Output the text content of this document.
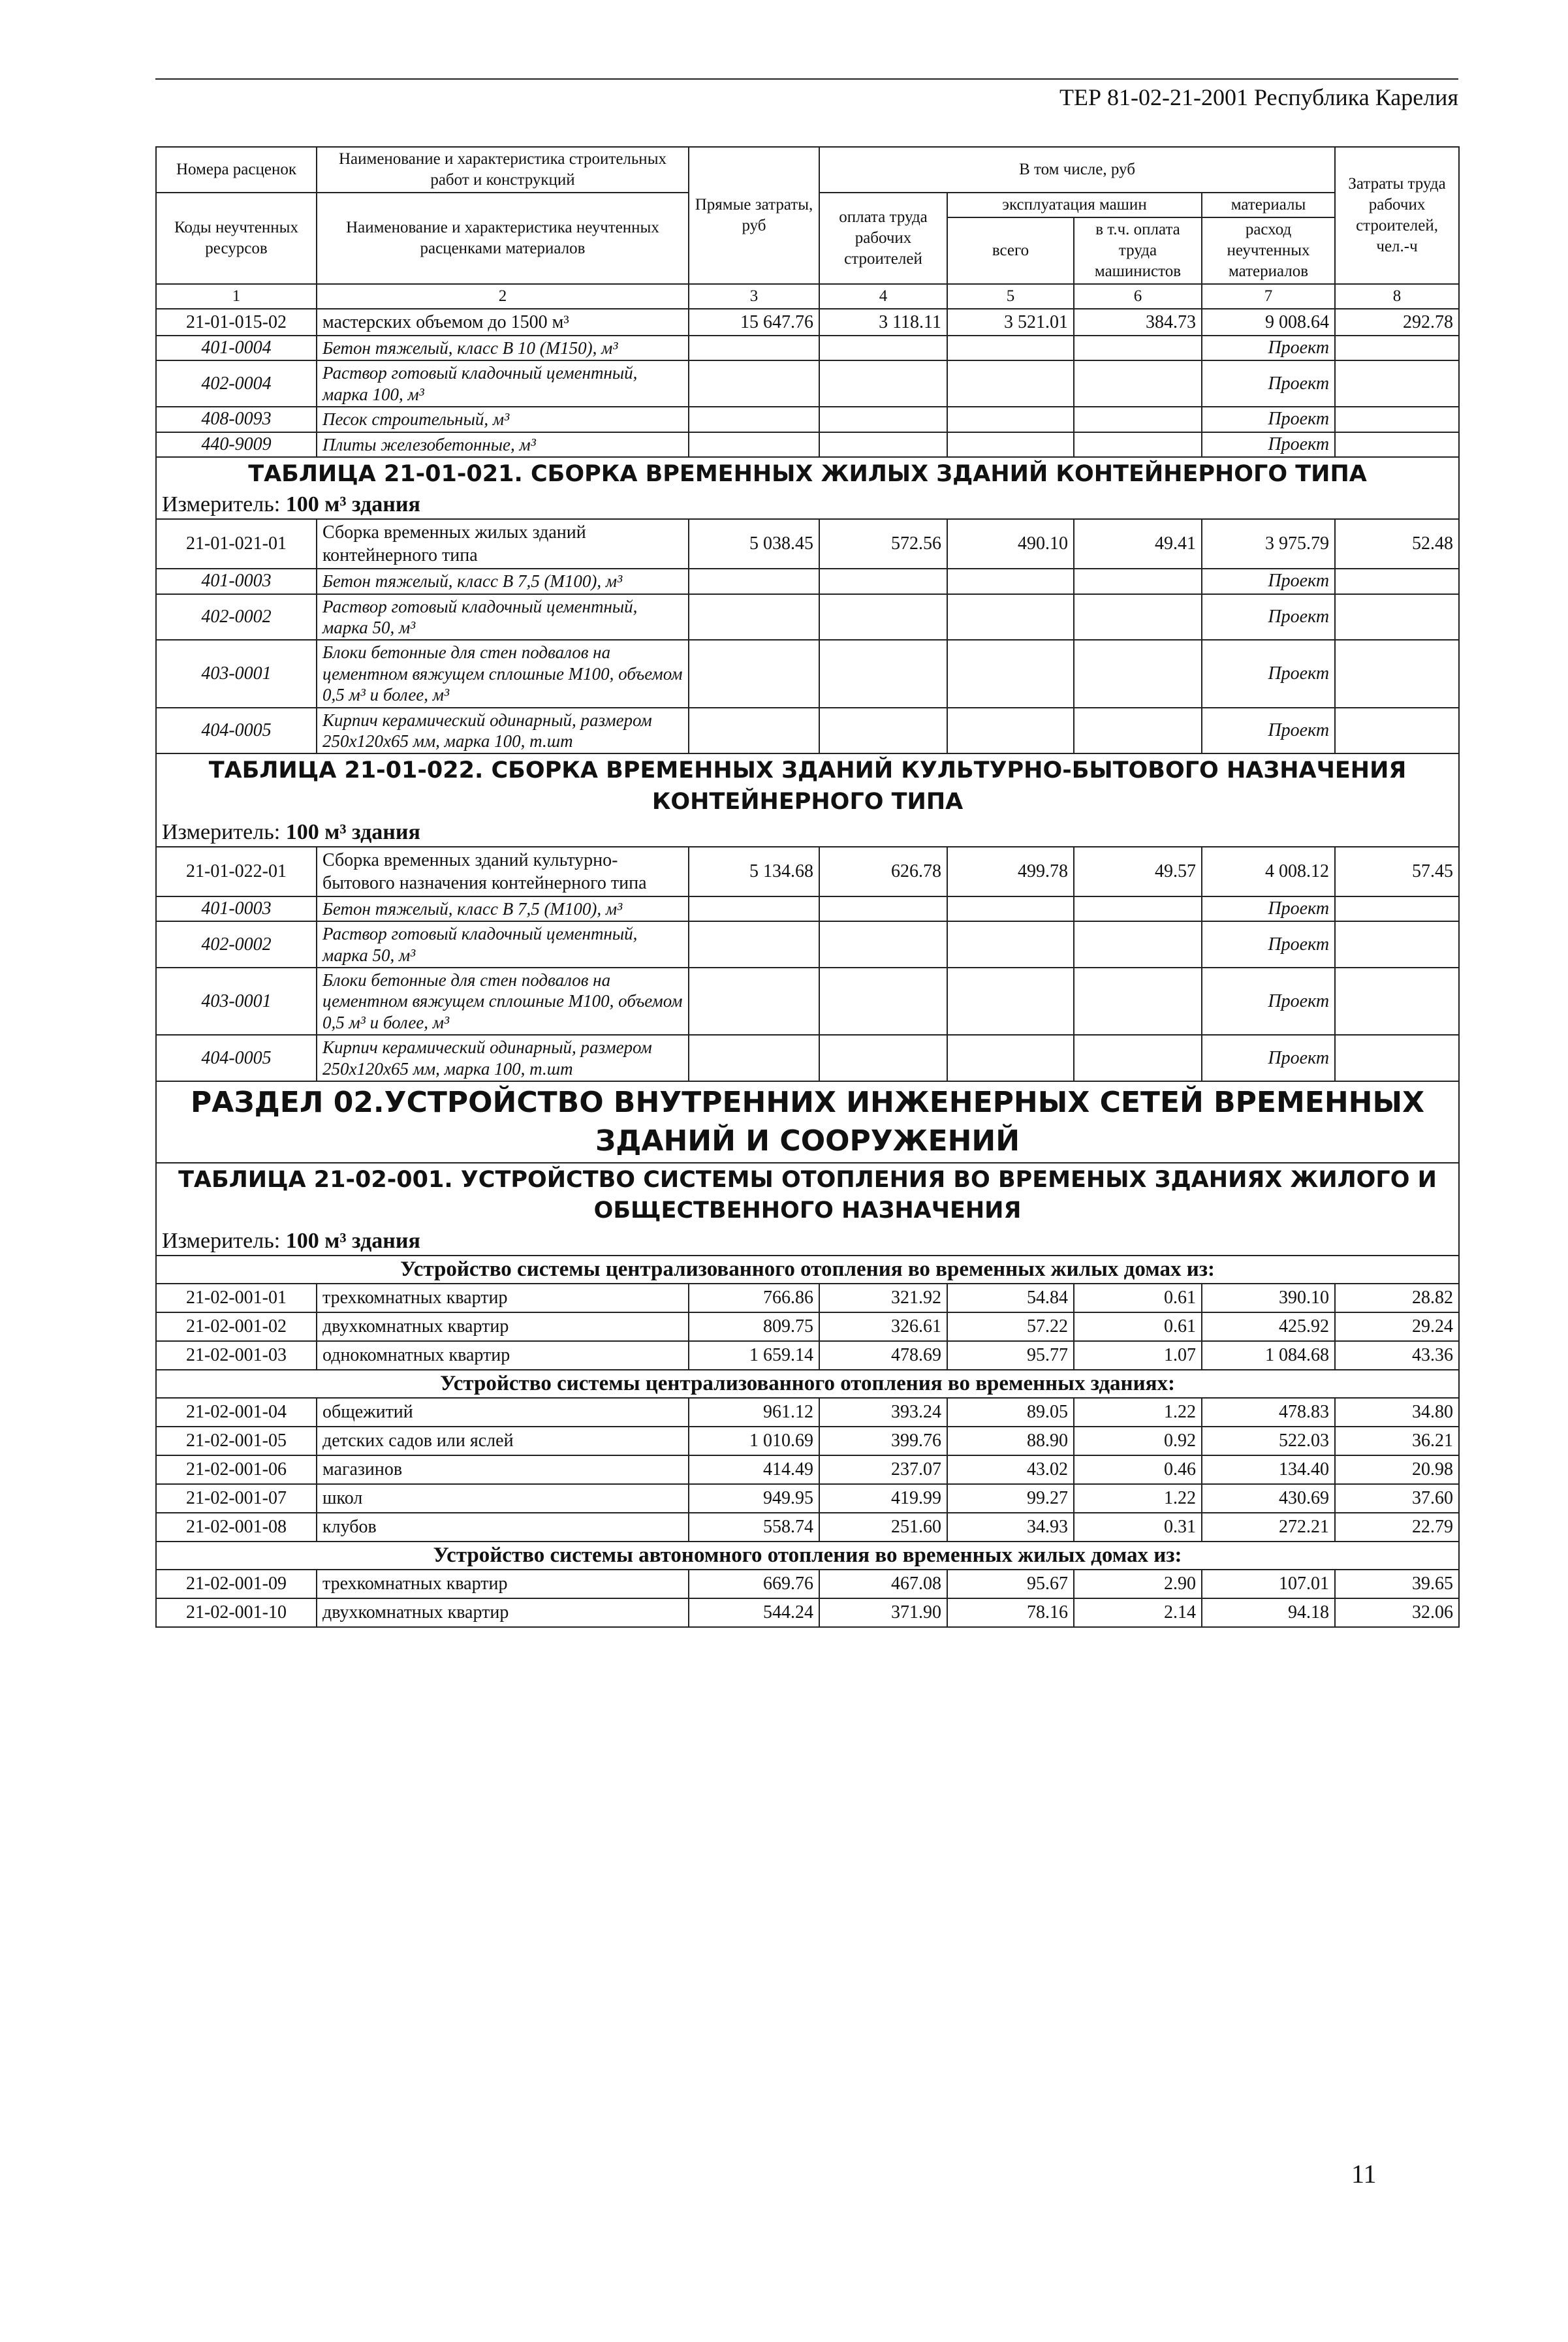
ТЕР 81-02-21-2001 Республика Карелия
Номера расценок	Наименование и характеристика строительных работ и конструкций	Прямые затраты, руб	В том числе, руб				Затраты труда рабочих строителей, чел.-ч
Коды неучтенных ресурсов	Наименование и характеристика неучтенных расценками материалов		оплата труда рабочих строителей	эксплуатация машин		материалы	
				всего	в т.ч. оплата труда машинистов	расход неучтенных материалов	
1	2	3	4	5	6	7	8
21-01-015-02	мастерских объемом до 1500 м³	15 647.76	3 118.11	3 521.01	384.73	9 008.64	292.78
401-0004	Бетон тяжелый, класс В 10 (М150), м³					Проект	
402-0004	Раствор готовый кладочный цементный, марка 100, м³					Проект	
408-0093	Песок строительный, м³					Проект	
440-9009	Плиты железобетонные, м³					Проект	
ТАБЛИЦА 21-01-021. СБОРКА ВРЕМЕННЫХ ЖИЛЫХ ЗДАНИЙ КОНТЕЙНЕРНОГО ТИПА							
Измеритель: 100 м³ здания							
21-01-021-01	Сборка временных жилых зданий контейнерного типа	5 038.45	572.56	490.10	49.41	3 975.79	52.48
401-0003	Бетон тяжелый, класс В 7,5 (М100), м³					Проект	
402-0002	Раствор готовый кладочный цементный, марка 50, м³					Проект	
403-0001	Блоки бетонные для стен подвалов на цементном вяжущем сплошные М100, объемом 0,5 м³ и более, м³					Проект	
404-0005	Кирпич керамический одинарный, размером 250х120х65 мм, марка 100, т.шт					Проект	
ТАБЛИЦА 21-01-022. СБОРКА ВРЕМЕННЫХ ЗДАНИЙ КУЛЬТУРНО-БЫТОВОГО НАЗНАЧЕНИЯ КОНТЕЙНЕРНОГО ТИПА							
Измеритель: 100 м³ здания							
21-01-022-01	Сборка временных зданий культурно-бытового назначения контейнерного типа	5 134.68	626.78	499.78	49.57	4 008.12	57.45
401-0003	Бетон тяжелый, класс В 7,5 (М100), м³					Проект	
402-0002	Раствор готовый кладочный цементный, марка 50, м³					Проект	
403-0001	Блоки бетонные для стен подвалов на цементном вяжущем сплошные М100, объемом 0,5 м³ и более, м³					Проект	
404-0005	Кирпич керамический одинарный, размером 250х120х65 мм, марка 100, т.шт					Проект	
РАЗДЕЛ 02.УСТРОЙСТВО ВНУТРЕННИХ ИНЖЕНЕРНЫХ СЕТЕЙ ВРЕМЕННЫХ ЗДАНИЙ И СООРУЖЕНИЙ							
ТАБЛИЦА 21-02-001. УСТРОЙСТВО СИСТЕМЫ ОТОПЛЕНИЯ ВО ВРЕМЕНЫХ ЗДАНИЯХ ЖИЛОГО И ОБЩЕСТВЕННОГО НАЗНАЧЕНИЯ							
Измеритель: 100 м³ здания							
Устройство системы централизованного отопления во временных жилых домах из:							
21-02-001-01	трехкомнатных квартир	766.86	321.92	54.84	0.61	390.10	28.82
21-02-001-02	двухкомнатных квартир	809.75	326.61	57.22	0.61	425.92	29.24
21-02-001-03	однокомнатных квартир	1 659.14	478.69	95.77	1.07	1 084.68	43.36
Устройство системы централизованного отопления во временных зданиях:							
21-02-001-04	общежитий	961.12	393.24	89.05	1.22	478.83	34.80
21-02-001-05	детских садов или яслей	1 010.69	399.76	88.90	0.92	522.03	36.21
21-02-001-06	магазинов	414.49	237.07	43.02	0.46	134.40	20.98
21-02-001-07	школ	949.95	419.99	99.27	1.22	430.69	37.60
21-02-001-08	клубов	558.74	251.60	34.93	0.31	272.21	22.79
Устройство системы автономного отопления во временных жилых домах из:							
21-02-001-09	трехкомнатных квартир	669.76	467.08	95.67	2.90	107.01	39.65
21-02-001-10	двухкомнатных квартир	544.24	371.90	78.16	2.14	94.18	32.06
11
